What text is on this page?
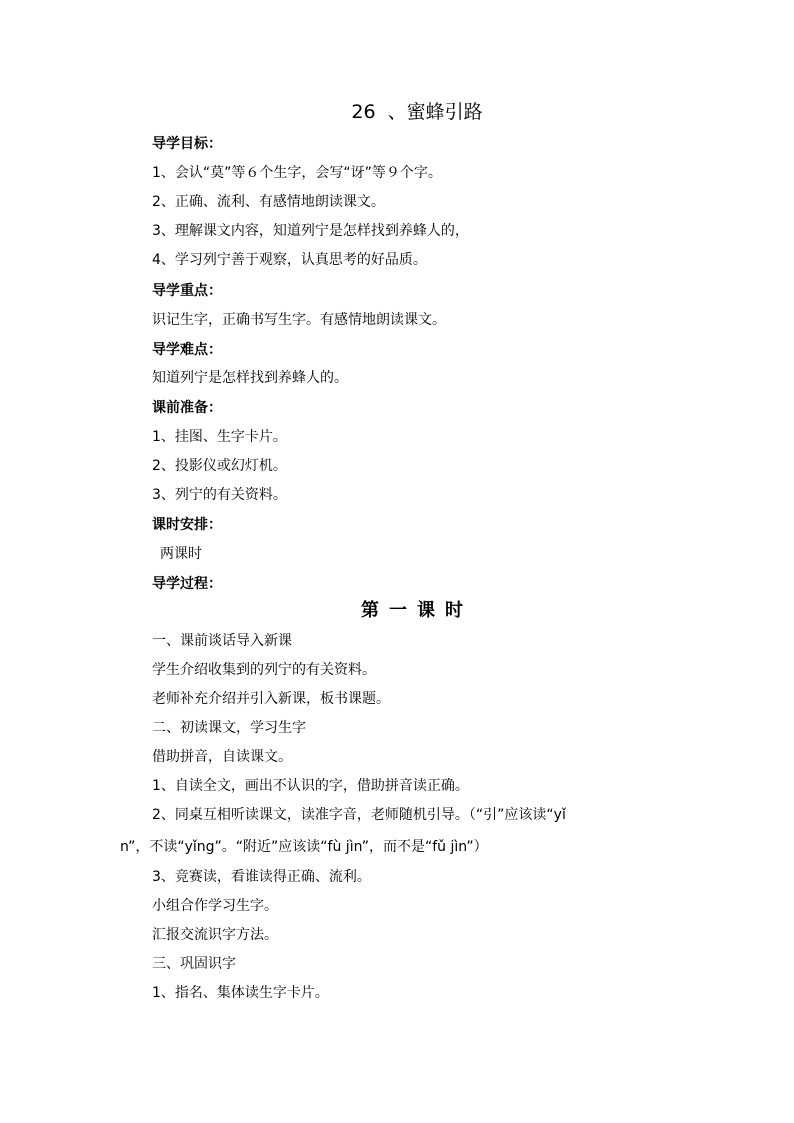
26  、蜜蜂引路
导学目标：
1、会认“莫”等６个生字，会写“讶”等９个字。
2、正确、流利、有感情地朗读课文。
3、理解课文内容，知道列宁是怎样找到养蜂人的，
4、学习列宁善于观察，认真思考的好品质。
导学重点：
识记生字，正确书写生字。有感情地朗读课文。
导学难点：
知道列宁是怎样找到养蜂人的。
课前准备：
1、挂图、生字卡片。
2、投影仪或幻灯机。
3、列宁的有关资料。
课时安排：
两课时
导学过程：
第一课时
一、课前谈话导入新课
学生介绍收集到的列宁的有关资料。
老师补充介绍并引入新课，板书课题。
二、初读课文，学习生字
借助拼音，自读课文。
1、自读全文，画出不认识的字，借助拼音读正确。
2、同桌互相听读课文，读准字音，老师随机引导。（“引”应该读“yǐ
n”，不读“yǐng”。“附近”应该读“fù jìn”，而不是“fǔ jìn”）
3、竞赛读，看谁读得正确、流利。
小组合作学习生字。
汇报交流识字方法。
三、巩固识字
1、指名、集体读生字卡片。
